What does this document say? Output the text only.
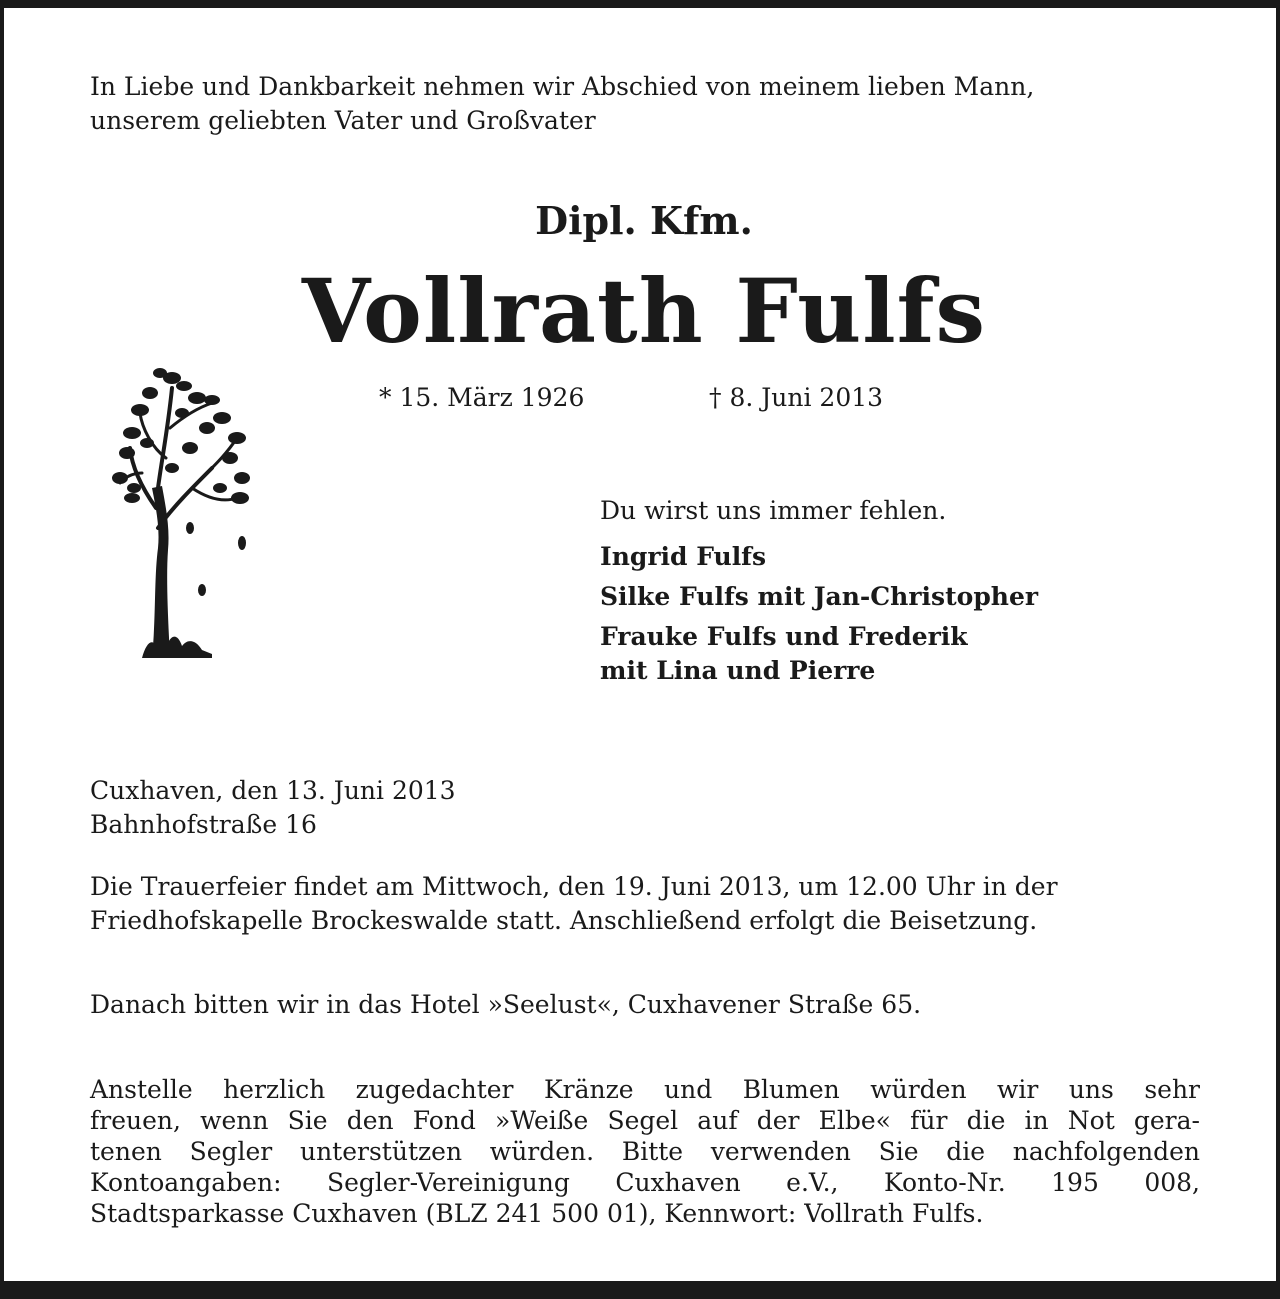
In Liebe und Dankbarkeit nehmen wir Abschied von meinem lieben Mann,
unserem geliebten Vater und Großvater
Dipl. Kfm.
Vollrath Fulfs
* 15. März 1926	† 8. Juni 2013
Du wirst uns immer fehlen.
Ingrid Fulfs
Silke Fulfs mit Jan-Christopher
Frauke Fulfs und Frederik
mit Lina und Pierre
Cuxhaven, den 13. Juni 2013
Bahnhofstraße 16
Die Trauerfeier findet am Mittwoch, den 19. Juni 2013, um 12.00 Uhr in der
Friedhofskapelle Brockeswalde statt. Anschließend erfolgt die Beisetzung.
Danach bitten wir in das Hotel »Seelust«, Cuxhavener Straße 65.

Anstelle herzlich zugedachter Kränze und Blumen würden wir uns sehr

freuen, wenn Sie den Fond »Weiße Segel auf der Elbe« für die in Not gera-

tenen Segler unterstützen würden. Bitte verwenden Sie die nachfolgenden

Kontoangaben: Segler-Vereinigung Cuxhaven e.V., Konto-Nr. 195 008,

Stadtsparkasse Cuxhaven (BLZ 241 500 01), Kennwort: Vollrath Fulfs.
